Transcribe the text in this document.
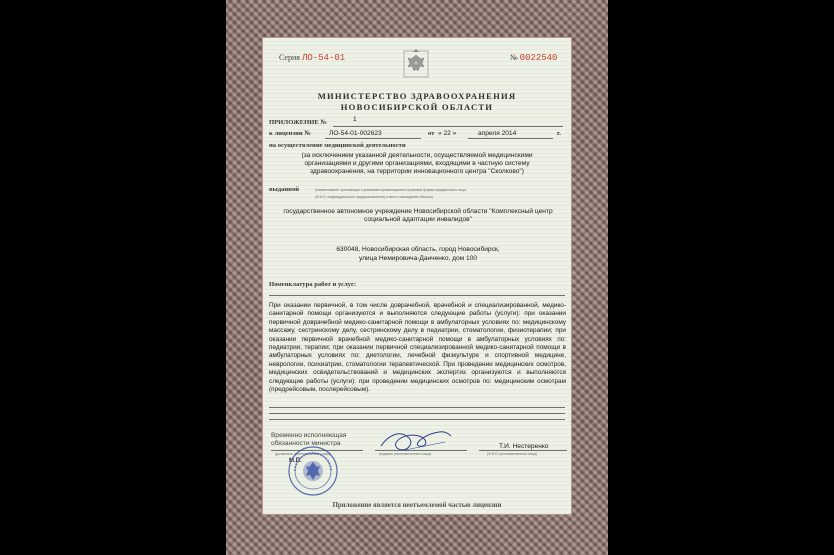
Серия ЛО-54-01	№ 0022540
МИНИСТЕРСТВО ЗДРАВООХРАНЕНИЯ
НОВОСИБИРСКОЙ ОБЛАСТИ
ПРИЛОЖЕНИЕ №	1
к лицензии №	ЛО-54-01-002623	от « 22 »	апреля 2014	г.
на осуществление медицинской деятельности
(за исключением указанной деятельности, осуществляемой медицинскими организациями и другими организациями, входящими в частную систему здравоохранения, на территории инновационного центра "Сколково")
выданной	(наименование организации с указанием организационно-правовой формы юридического лица
(Ф.И.О. индивидуального предпринимателя) и место нахождения объекта)
государственное автономное учреждение Новосибирской области "Комплексный центр социальной адаптации инвалидов"
630048, Новосибирская область, город Новосибирск,
улица Немировича-Данченко, дом 100
Номенклатура работ и услуг:
При оказании первичной, в том числе доврачебной, врачебной и специализированной, медико-санитарной помощи организуются и выполняются следующие работы (услуги): при оказании первичной доврачебной медико-санитарной помощи в амбулаторных условиях по: медицинскому массажу, сестринскому делу, сестринскому делу в педиатрии, стоматологии, физиотерапии; при оказании первичной врачебной медико-санитарной помощи в амбулаторных условиях по: педиатрии, терапии; при оказании первичной специализированной медико-санитарной помощи в амбулаторных условиях по: диетологии, лечебной физкультуре и спортивной медицине, неврологии, психиатрии, стоматологии терапевтической. При проведении медицинских осмотров, медицинских освидетельствований и медицинских экспертиз организуются и выполняются следующие работы (услуги): при проведении медицинских осмотров по: медицинским осмотрам (предрейсовым, послерейсовым).
Временно исполняющая
обязанности министра	Т.И. Нестеренко
(должность уполномоченного лица)	(подпись уполномоченного лица)	(Ф.И.О. уполномоченного лица)
М.П.
Приложение является неотъемлемой частью лицензии
